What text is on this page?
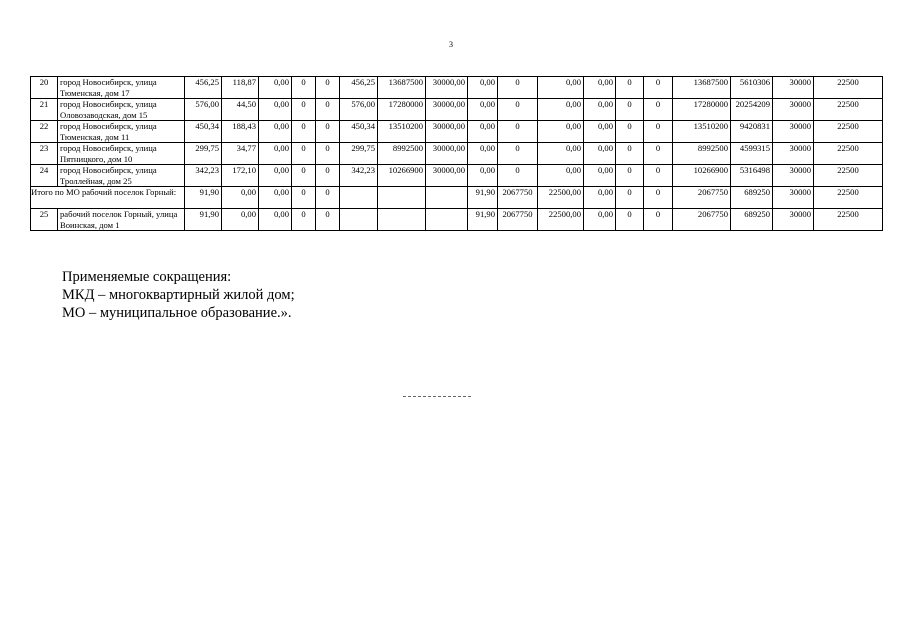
3
20	город Новосибирск, улица Тюменская, дом 17	456,25	118,87	0,00	0	0	456,25	13687500	30000,00	0,00	0	0,00	0,00	0	0	13687500	5610306	30000	22500
21	город Новосибирск, улица Оловозаводская, дом 15	576,00	44,50	0,00	0	0	576,00	17280000	30000,00	0,00	0	0,00	0,00	0	0	17280000	20254209	30000	22500
22	город Новосибирск, улица Тюменская, дом 11	450,34	188,43	0,00	0	0	450,34	13510200	30000,00	0,00	0	0,00	0,00	0	0	13510200	9420831	30000	22500
23	город Новосибирск, улица Пятницкого, дом 10	299,75	34,77	0,00	0	0	299,75	8992500	30000,00	0,00	0	0,00	0,00	0	0	8992500	4599315	30000	22500
24	город Новосибирск, улица Троллейная, дом 25	342,23	172,10	0,00	0	0	342,23	10266900	30000,00	0,00	0	0,00	0,00	0	0	10266900	5316498	30000	22500
Итого по МО рабочий поселок Горный:		91,90	0,00	0,00	0	0				91,90	2067750	22500,00	0,00	0	0	2067750	689250	30000	22500
25	рабочий поселок Горный, улица Воинская, дом 1	91,90	0,00	0,00	0	0				91,90	2067750	22500,00	0,00	0	0	2067750	689250	30000	22500
Применяемые сокращения:
МКД – многоквартирный жилой дом;
МО – муниципальное образование.».
